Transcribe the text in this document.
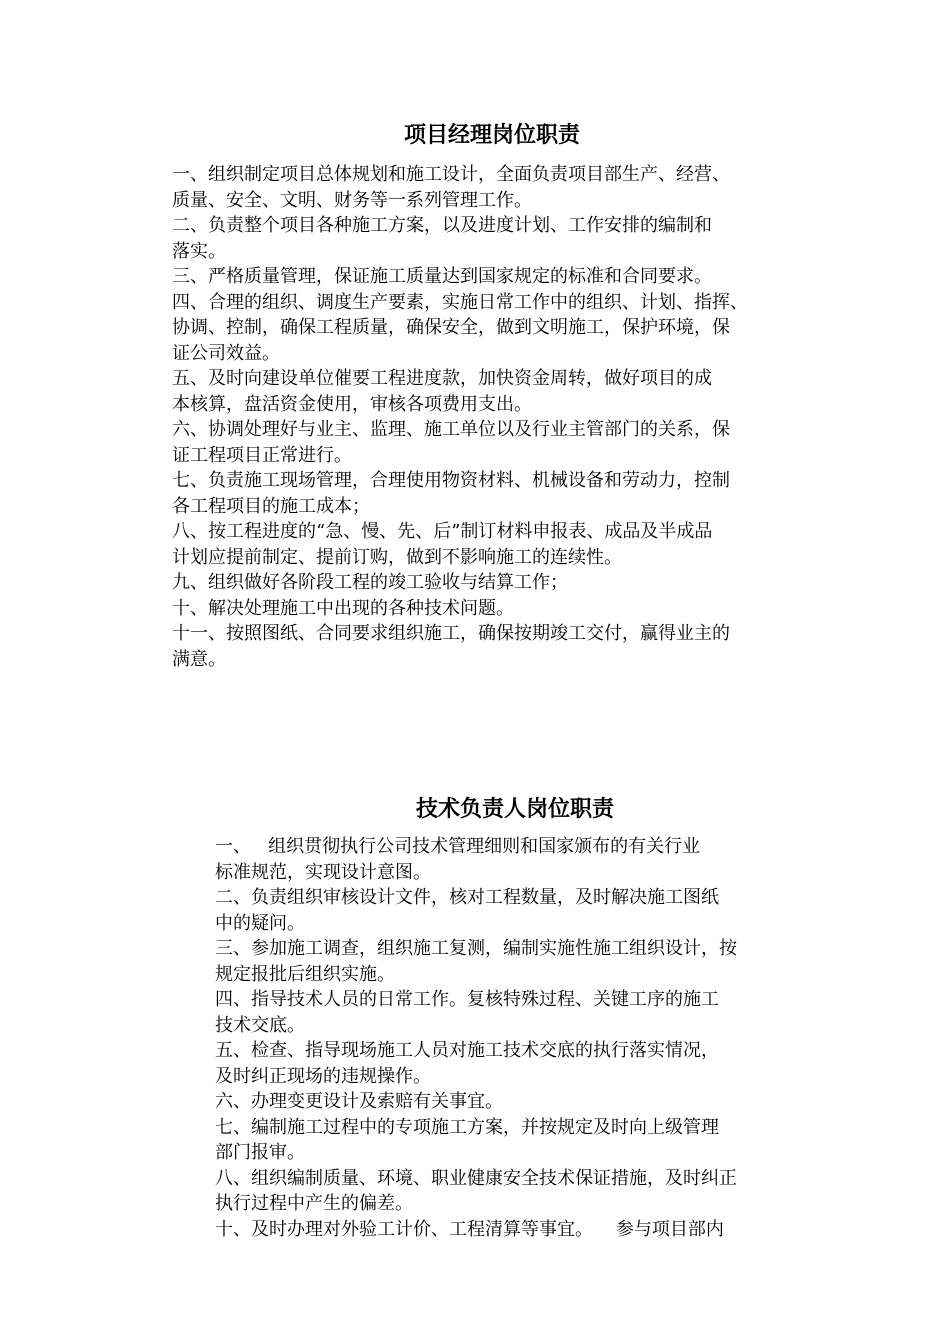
项目经理岗位职责
一、组织制定项目总体规划和施工设计，全面负责项目部生产、经营、
质量、安全、文明、财务等一系列管理工作。
二、负责整个项目各种施工方案，以及进度计划、工作安排的编制和
落实。
三、严格质量管理，保证施工质量达到国家规定的标准和合同要求。
四、合理的组织、调度生产要素，实施日常工作中的组织、计划、指挥、
协调、控制，确保工程质量，确保安全，做到文明施工，保护环境，保
证公司效益。
五、及时向建设单位催要工程进度款，加快资金周转，做好项目的成
本核算，盘活资金使用，审核各项费用支出。
六、协调处理好与业主、监理、施工单位以及行业主管部门的关系，保
证工程项目正常进行。
七、负责施工现场管理，合理使用物资材料、机械设备和劳动力，控制
各工程项目的施工成本；
八、按工程进度的“急、慢、先、后”制订材料申报表、成品及半成品
计划应提前制定、提前订购，做到不影响施工的连续性。
九、组织做好各阶段工程的竣工验收与结算工作；
十、解决处理施工中出现的各种技术问题。
十一、按照图纸、合同要求组织施工，确保按期竣工交付，赢得业主的
满意。
技术负责人岗位职责
一、   组织贯彻执行公司技术管理细则和国家颁布的有关行业
标准规范，实现设计意图。
二、负责组织审核设计文件，核对工程数量，及时解决施工图纸
中的疑问。
三、参加施工调查，组织施工复测，编制实施性施工组织设计，按
规定报批后组织实施。
四、指导技术人员的日常工作。复核特殊过程、关键工序的施工
技术交底。
五、检查、指导现场施工人员对施工技术交底的执行落实情况，
及时纠正现场的违规操作。
六、办理变更设计及索赔有关事宜。
七、编制施工过程中的专项施工方案，并按规定及时向上级管理
部门报审。
八、组织编制质量、环境、职业健康安全技术保证措施，及时纠正
执行过程中产生的偏差。
十、及时办理对外验工计价、工程清算等事宜。    参与项目部内
